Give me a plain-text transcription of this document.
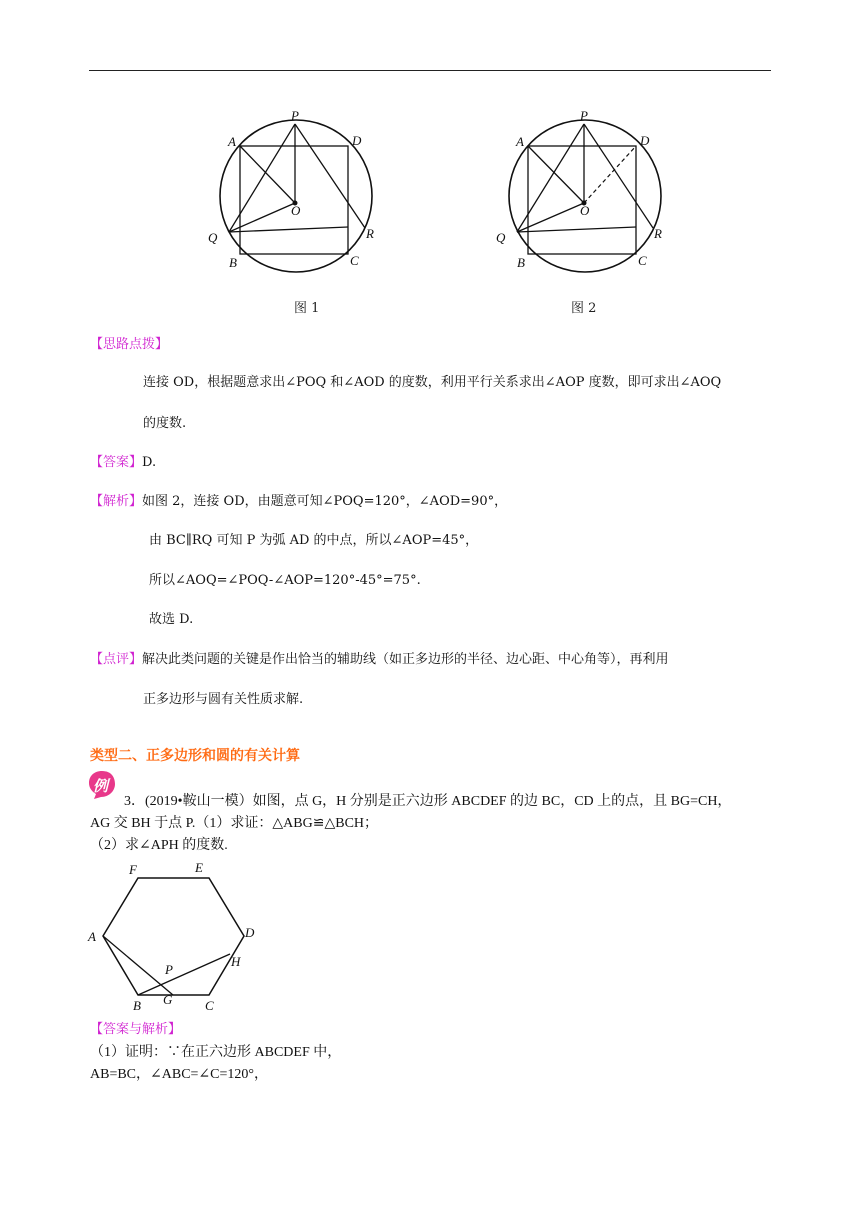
P
A	D
O
Q	R
B	C
图 1
P
A	D
O
Q	R
B	C
图 2
【思路点拨】
连接 OD，根据题意求出∠POQ 和∠AOD 的度数，利用平行关系求出∠AOP 度数，即可求出∠AOQ
的度数.
【答案】D.
【解析】如图 2，连接 OD，由题意可知∠POQ=120°，∠AOD=90°，
由 BC∥RQ 可知 P 为弧 AD 的中点，所以∠AOP=45°，
所以∠AOQ=∠POQ-∠AOP=120°-45°=75°.
故选 D.
【点评】解决此类问题的关键是作出恰当的辅助线（如正多边形的半径、边心距、中心角等），再利用
正多边形与圆有关性质求解.
类型二、正多边形和圆的有关计算
例
3．(2019•鞍山一模）如图，点 G，H 分别是正六边形 ABCDEF 的边 BC，CD 上的点，且 BG=CH，
AG 交 BH 于点 P.（1）求证：△ABG≌△BCH；
（2）求∠APH 的度数.
F	E
A	D
H
P
B G	C
【答案与解析】
（1）证明：∵在正六边形 ABCDEF 中，
AB=BC，∠ABC=∠C=120°，
